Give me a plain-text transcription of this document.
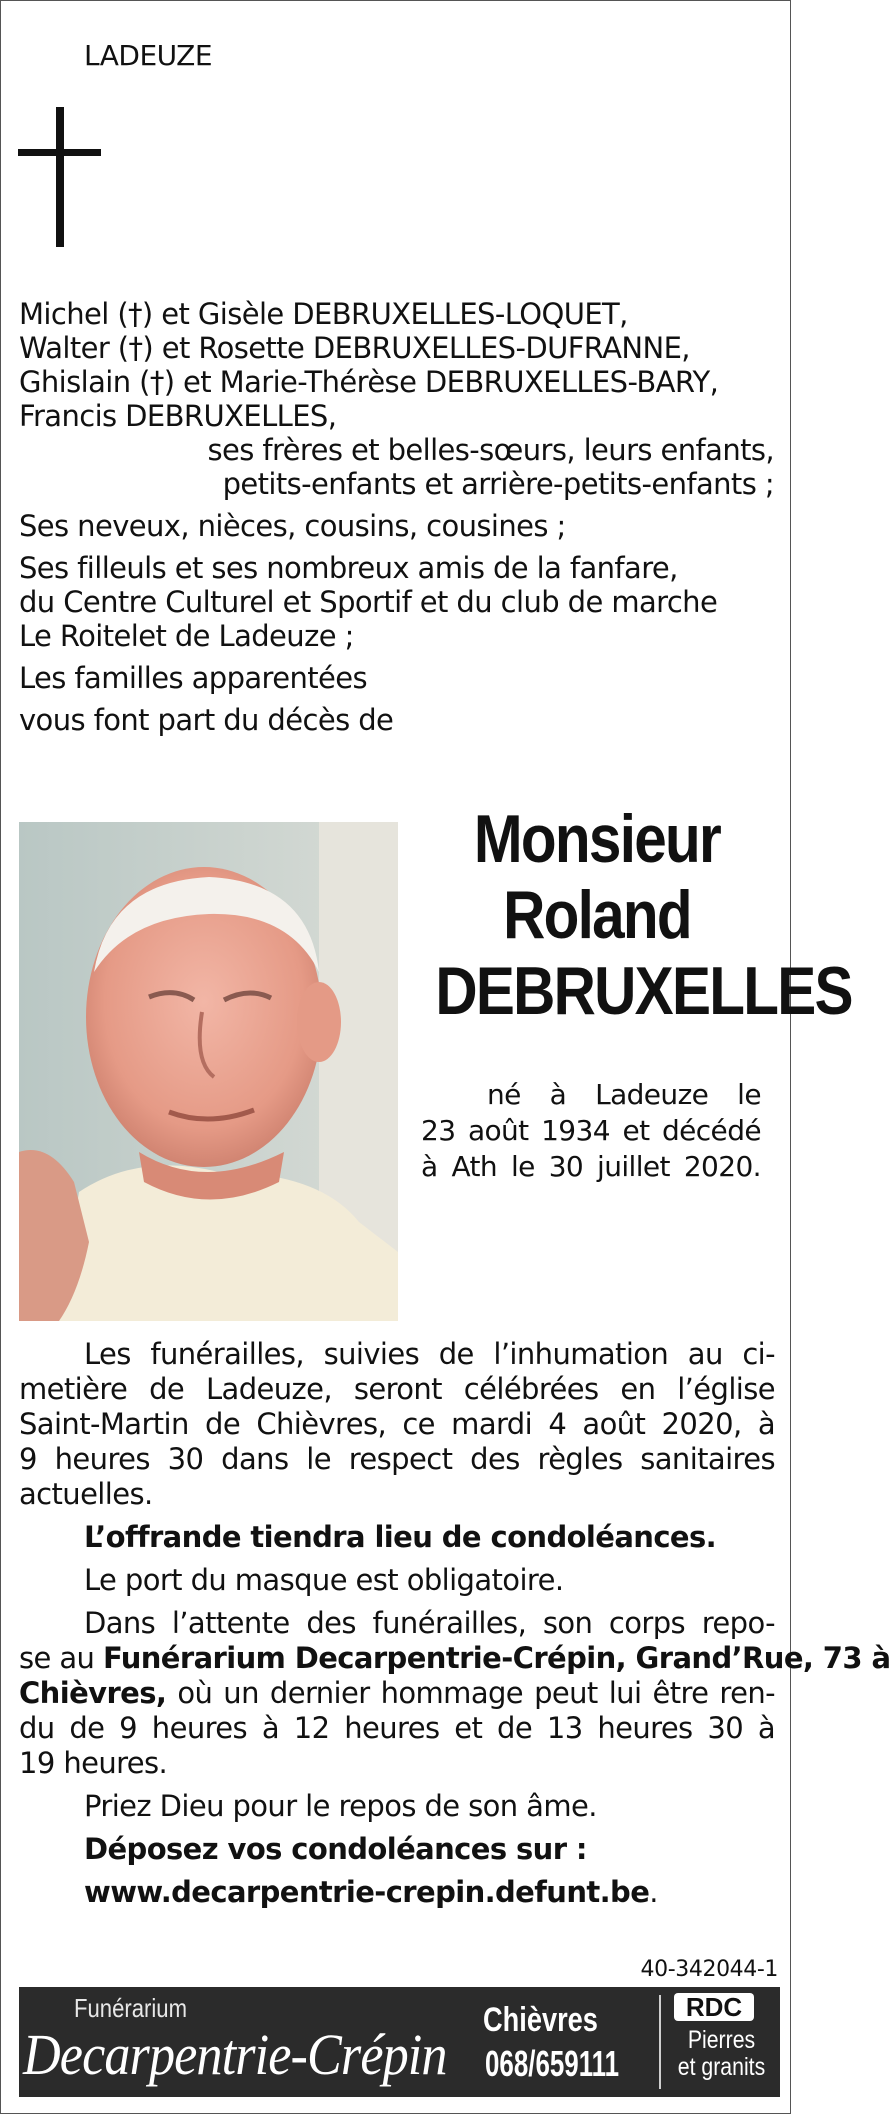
LADEUZE
Michel (†) et Gisèle DEBRUXELLES-LOQUET,
Walter (†) et Rosette DEBRUXELLES-DUFRANNE,
Ghislain (†) et Marie-Thérèse DEBRUXELLES-BARY,
Francis DEBRUXELLES,
ses frères et belles-sœurs, leurs enfants,
petits-enfants et arrière-petits-enfants ;
Ses neveux, nièces, cousins, cousines ;
Ses filleuls et ses nombreux amis de la fanfare,
du Centre Culturel et Sportif et du club de marche
Le Roitelet de Ladeuze ;
Les familles apparentées
vous font part du décès de
Monsieur
Roland
DEBRUXELLES
né à Ladeuze le
23 août 1934 et décédé
à Ath le 30 juillet 2020.
Les funérailles, suivies de l’inhumation au ci-
metière de Ladeuze, seront célébrées en l’église
Saint-Martin de Chièvres, ce mardi 4 août 2020, à
9 heures 30 dans le respect des règles sanitaires
actuelles.
L’offrande tiendra lieu de condoléances.
Le port du masque est obligatoire.
Dans l’attente des funérailles, son corps repo-
se au Funérarium Decarpentrie-Crépin, Grand’Rue, 73 à
Chièvres, où un dernier hommage peut lui être ren-
du de 9 heures à 12 heures et de 13 heures 30 à
19 heures.
Priez Dieu pour le repos de son âme.
Déposez vos condoléances sur :
www.decarpentrie-crepin.defunt.be.
40-342044-1
Funérarium
Decarpentrie-Crépin
Chièvres
068/659111
RDC
Pierres
et granits
